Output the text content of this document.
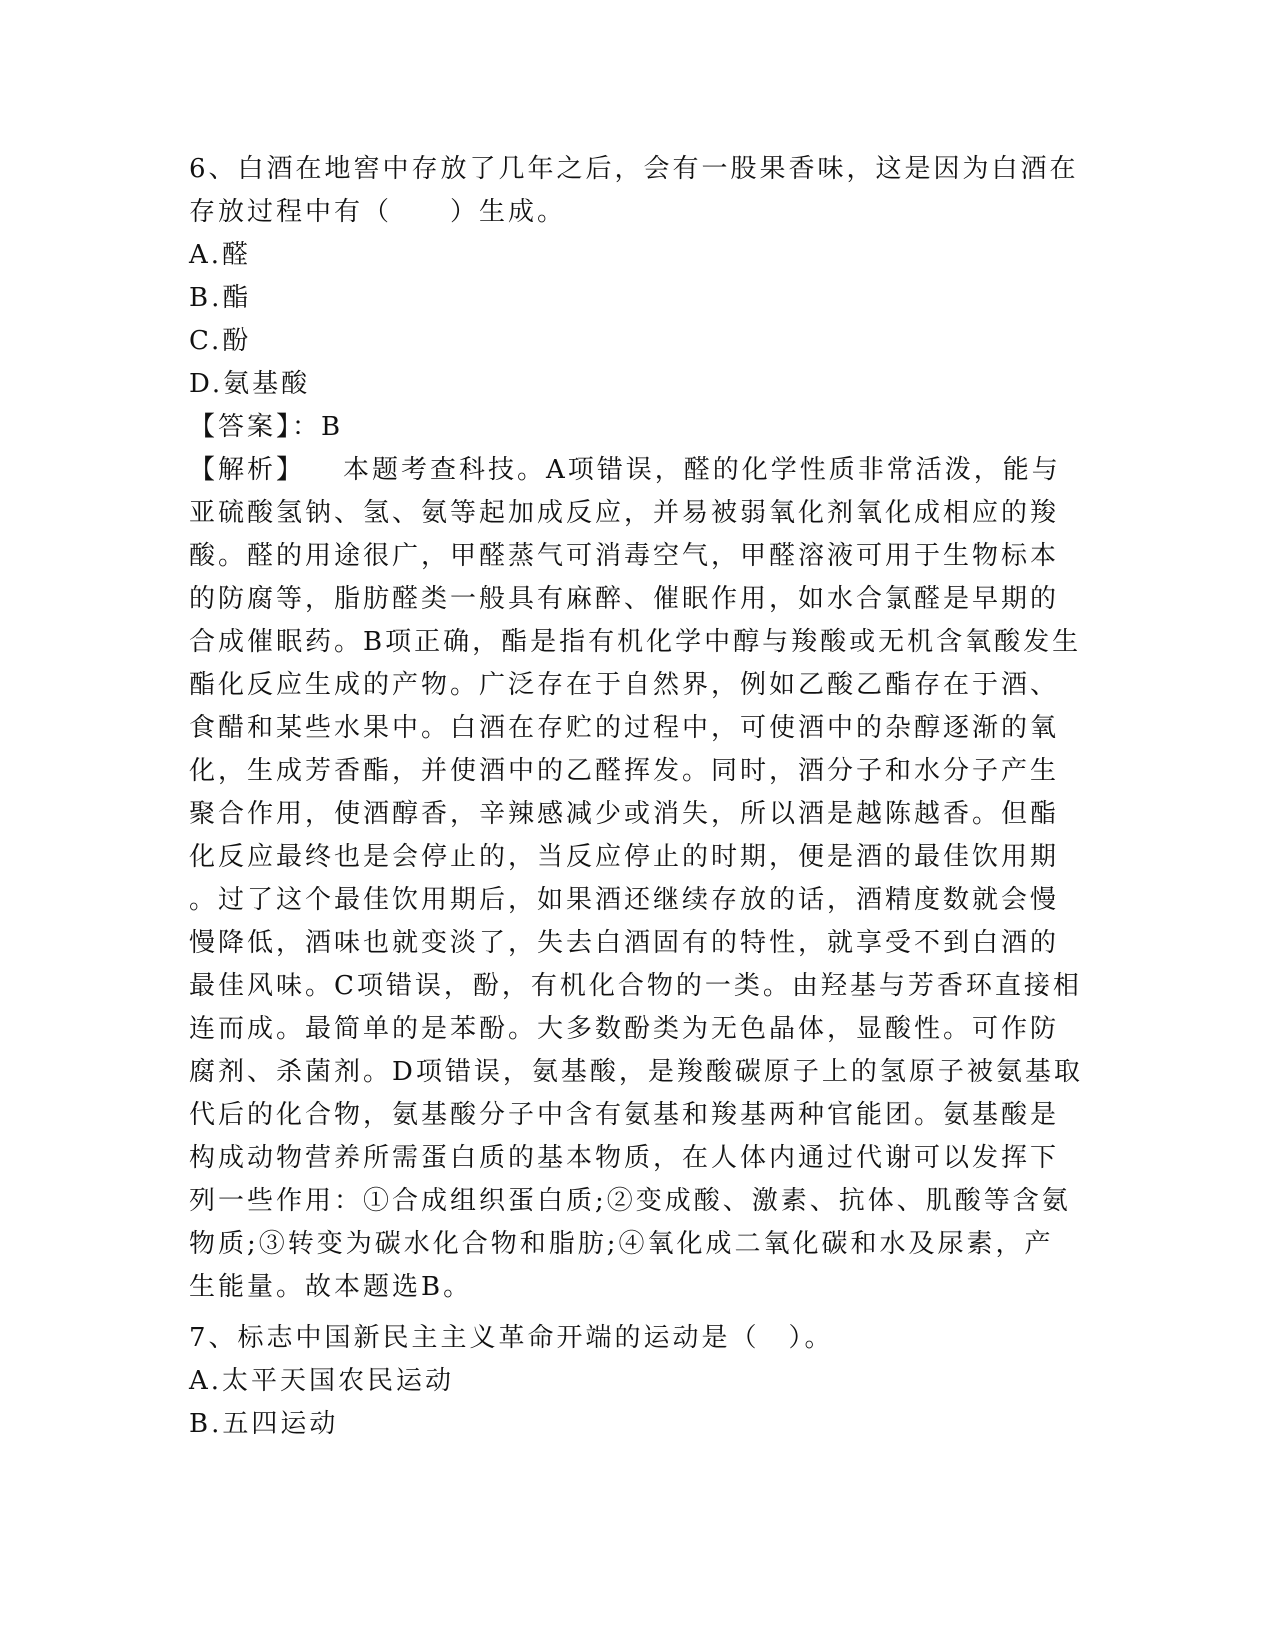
6、白酒在地窖中存放了几年之后，会有一股果香味，这是因为白酒在
存放过程中有（　　）生成。
A.醛
B.酯
C.酚
D.氨基酸
【答案】：B
【解析】 本题考查科技。A项错误，醛的化学性质非常活泼，能与
亚硫酸氢钠、氢、氨等起加成反应，并易被弱氧化剂氧化成相应的羧
酸。醛的用途很广，甲醛蒸气可消毒空气，甲醛溶液可用于生物标本
的防腐等，脂肪醛类一般具有麻醉、催眠作用，如水合氯醛是早期的
合成催眠药。B项正确，酯是指有机化学中醇与羧酸或无机含氧酸发生
酯化反应生成的产物。广泛存在于自然界，例如乙酸乙酯存在于酒、
食醋和某些水果中。白酒在存贮的过程中，可使酒中的杂醇逐渐的氧
化，生成芳香酯，并使酒中的乙醛挥发。同时，酒分子和水分子产生
聚合作用，使酒醇香，辛辣感减少或消失，所以酒是越陈越香。但酯
化反应最终也是会停止的，当反应停止的时期，便是酒的最佳饮用期
。过了这个最佳饮用期后，如果酒还继续存放的话，酒精度数就会慢
慢降低，酒味也就变淡了，失去白酒固有的特性，就享受不到白酒的
最佳风味。C项错误，酚，有机化合物的一类。由羟基与芳香环直接相
连而成。最简单的是苯酚。大多数酚类为无色晶体，显酸性。可作防
腐剂、杀菌剂。D项错误，氨基酸，是羧酸碳原子上的氢原子被氨基取
代后的化合物，氨基酸分子中含有氨基和羧基两种官能团。氨基酸是
构成动物营养所需蛋白质的基本物质，在人体内通过代谢可以发挥下
列一些作用：①合成组织蛋白质;②变成酸、激素、抗体、肌酸等含氨
物质;③转变为碳水化合物和脂肪;④氧化成二氧化碳和水及尿素，产
生能量。故本题选B。
7、标志中国新民主主义革命开端的运动是（　）。
A.太平天国农民运动
B.五四运动
